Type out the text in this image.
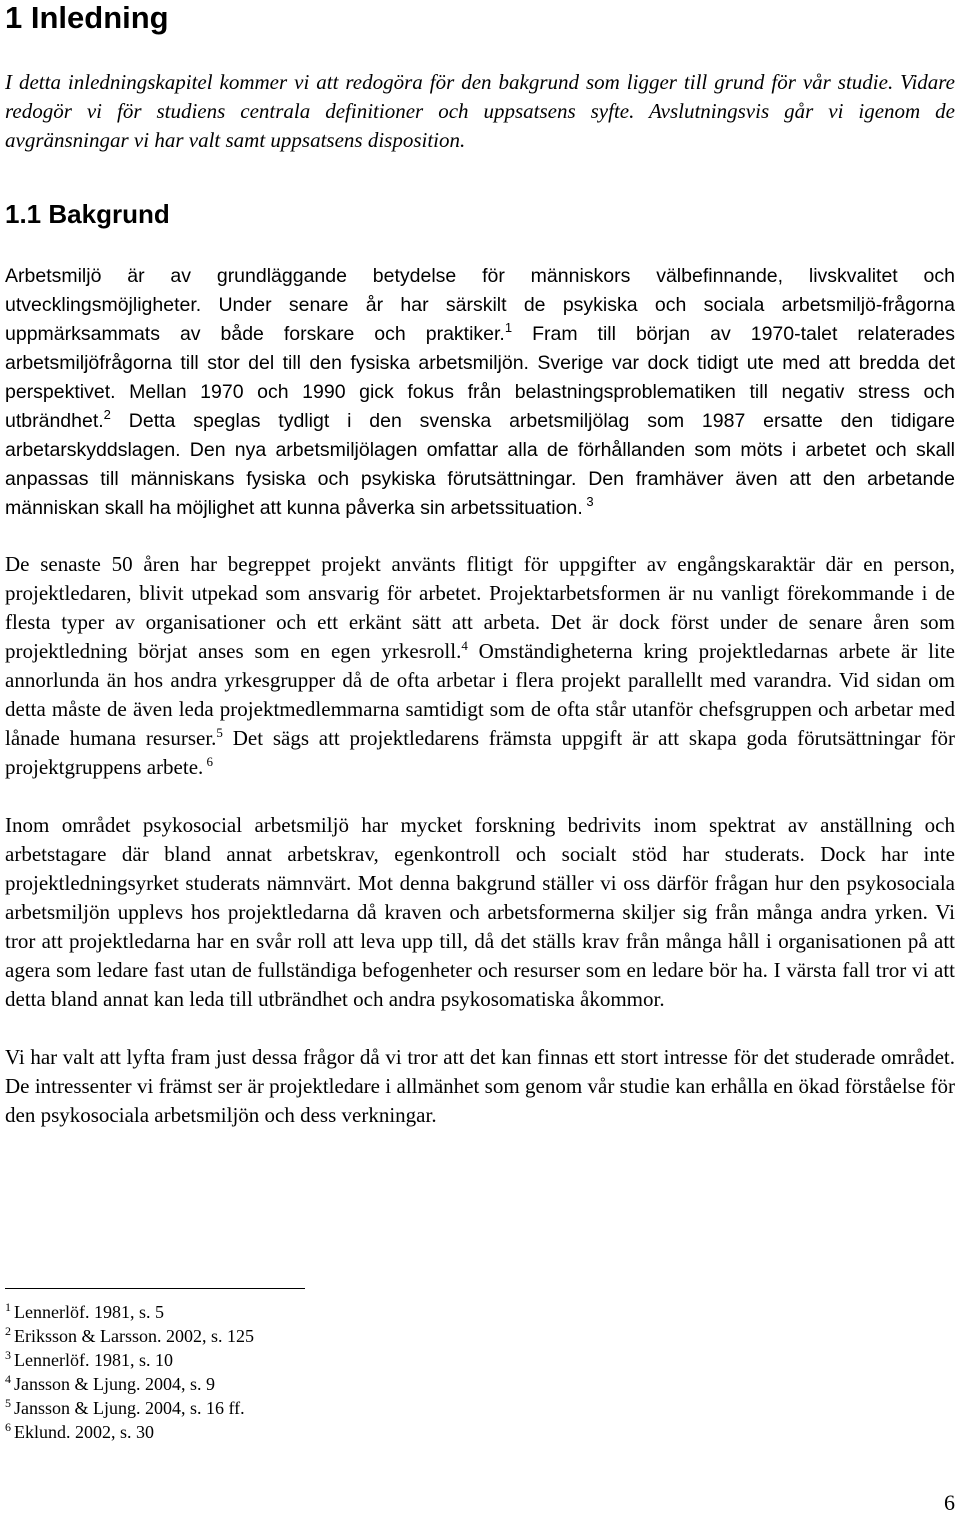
1 Inledning

I detta inledningskapitel kommer vi att redogöra för den bakgrund som ligger till grund för vår studie. Vidare redogör vi för studiens centrala definitioner och uppsatsens syfte. Avslutningsvis går vi igenom de avgränsningar vi har valt samt uppsatsens disposition.

1.1 Bakgrund

Arbetsmiljö är av grundläggande betydelse för människors välbefinnande, livskvalitet och utvecklingsmöjligheter. Under senare år har särskilt de psykiska och sociala arbetsmiljö-frågorna uppmärksammats av både forskare och praktiker.$^1$ Fram till början av 1970-talet relaterades arbetsmiljöfrågorna till stor del till den fysiska arbetsmiljön. Sverige var dock tidigt ute med att bredda det perspektivet. Mellan 1970 och 1990 gick fokus från belastningsproblematiken till negativ stress och utbrändhet.$^2$ Detta speglas tydligt i den svenska arbetsmiljölag som 1987 ersatte den tidigare arbetarskyddslagen. Den nya arbetsmiljölagen omfattar alla de förhållanden som möts i arbetet och skall anpassas till människans fysiska och psykiska förutsättningar. Den framhäver även att den arbetande människan skall ha möjlighet att kunna påverka sin arbetssituation. $^3$

De senaste 50 åren har begreppet projekt använts flitigt för uppgifter av engångskaraktär där en person, projektledaren, blivit utpekad som ansvarig för arbetet. Projektarbetsformen är nu vanligt förekommande i de flesta typer av organisationer och ett erkänt sätt att arbeta. Det är dock först under de senare åren som projektledning börjat anses som en egen yrkesroll.$^4$ Omständigheterna kring projektledarnas arbete är lite annorlunda än hos andra yrkesgrupper då de ofta arbetar i flera projekt parallellt med varandra. Vid sidan om detta måste de även leda projektmedlemmarna samtidigt som de ofta står utanför chefsgruppen och arbetar med lånade humana resurser.$^5$ Det sägs att projektledarens främsta uppgift är att skapa goda förutsättningar för projektgruppens arbete. $^6$

Inom området psykosocial arbetsmiljö har mycket forskning bedrivits inom spektrat av anställning och arbetstagare där bland annat arbetskrav, egenkontroll och socialt stöd har studerats. Dock har inte projektledningsyrket studerats nämnvärt. Mot denna bakgrund ställer vi oss därför frågan hur den psykosociala arbetsmiljön upplevs hos projektledarna då kraven och arbetsformerna skiljer sig från många andra yrken. Vi tror att projektledarna har en svår roll att leva upp till, då det ställs krav från många håll i organisationen på att agera som ledare fast utan de fullständiga befogenheter och resurser som en ledare bör ha. I värsta fall tror vi att detta bland annat kan leda till utbrändhet och andra psykosomatiska åkommor.

Vi har valt att lyfta fram just dessa frågor då vi tror att det kan finnas ett stort intresse för det studerade området. De intressenter vi främst ser är projektledare i allmänhet som genom vår studie kan erhålla en ökad förståelse för den psykosociala arbetsmiljön och dess verkningar.

$^1$ Lennerlöf. 1981, s. 5
$^2$ Eriksson & Larsson. 2002, s. 125
$^3$ Lennerlöf. 1981, s. 10
$^4$ Jansson & Ljung. 2004, s. 9
$^5$ Jansson & Ljung. 2004, s. 16 ff.
$^6$ Eklund. 2002, s. 30
6
